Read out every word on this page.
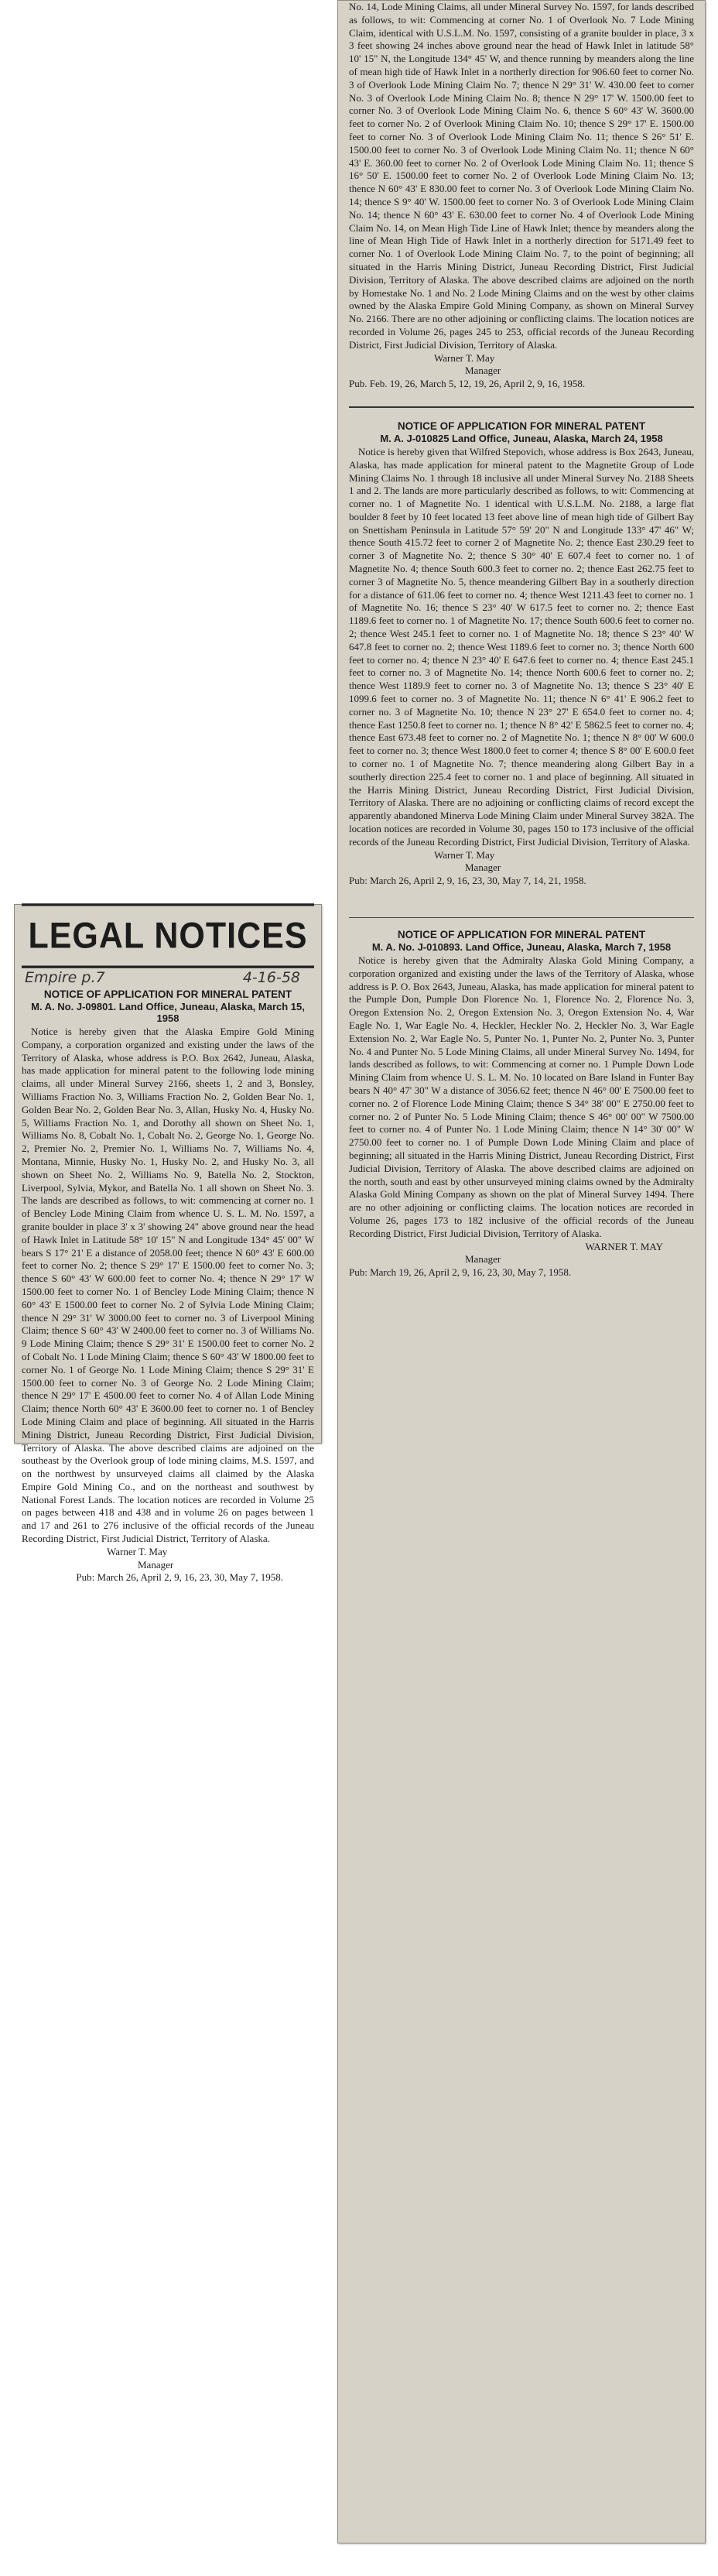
LEGAL NOTICES
Empire p.7	4-16-58
NOTICE OF APPLICATION FOR MINERAL PATENT
M. A. No. J-09801. Land Office, Juneau, Alaska, March 15, 1958

Notice is hereby given that the Alaska Empire Gold Mining Company, a corporation organized and existing under the laws of the Territory of Alaska, whose address is P.O. Box 2642, Juneau, Alaska, has made application for mineral patent to the following lode mining claims, all under Mineral Survey 2166, sheets 1, 2 and 3, Bonsley, Williams Fraction No. 3, Williams Fraction No. 2, Golden Bear No. 1, Golden Bear No. 2, Golden Bear No. 3, Allan, Husky No. 4, Husky No. 5, Williams Fraction No. 1, and Dorothy all shown on Sheet No. 1, Williams No. 8, Cobalt No. 1, Cobalt No. 2, George No. 1, George No. 2, Premier No. 2, Premier No. 1, Williams No. 7, Williams No. 4, Montana, Minnie, Husky No. 1, Husky No. 2, and Husky No. 3, all shown on Sheet No. 2, Williams No. 9, Batella No. 2, Stockton, Liverpool, Sylvia, Mykor, and Batella No. 1 all shown on Sheet No. 3. The lands are described as follows, to wit: commencing at corner no. 1 of Bencley Lode Mining Claim from whence U. S. L. M. No. 1597, a granite boulder in place 3' x 3' showing 24" above ground near the head of Hawk Inlet in Latitude 58° 10' 15" N and Longitude 134° 45' 00" W bears S 17° 21' E a distance of 2058.00 feet; thence N 60° 43' E 600.00 feet to corner No. 2; thence S 29° 17' E 1500.00 feet to corner No. 3; thence S 60° 43' W 600.00 feet to corner No. 4; thence N 29° 17' W 1500.00 feet to corner No. 1 of Bencley Lode Mining Claim; thence N 60° 43' E 1500.00 feet to corner No. 2 of Sylvia Lode Mining Claim; thence N 29° 31' W 3000.00 feet to corner no. 3 of Liverpool Mining Claim; thence S 60° 43' W 2400.00 feet to corner no. 3 of Williams No. 9 Lode Mining Claim; thence S 29° 31' E 1500.00 feet to corner No. 2 of Cobalt No. 1 Lode Mining Claim; thence S 60° 43' W 1800.00 feet to corner No. 1 of George No. 1 Lode Mining Claim; thence S 29° 31' E 1500.00 feet to corner No. 3 of George No. 2 Lode Mining Claim; thence N 29° 17' E 4500.00 feet to corner No. 4 of Allan Lode Mining Claim; thence North 60° 43' E 3600.00 feet to corner no. 1 of Bencley Lode Mining Claim and place of beginning. All situated in the Harris Mining District, Juneau Recording District, First Judicial Division, Territory of Alaska. The above described claims are adjoined on the southeast by the Overlook group of lode mining claims, M.S. 1597, and on the northwest by unsurveyed claims all claimed by the Alaska Empire Gold Mining Co., and on the northeast and southwest by National Forest Lands. The location notices are recorded in Volume 25 on pages between 418 and 438 and in volume 26 on pages between 1 and 17 and 261 to 276 inclusive of the official records of the Juneau Recording District, First Judicial District, Territory of Alaska.

Warner T. May
Manager
Pub: March 26, April 2, 9, 16, 23, 30, May 7, 1958.

No. 14, Lode Mining Claims, all under Mineral Survey No. 1597, for lands described as follows, to wit: Commencing at corner No. 1 of Overlook No. 7 Lode Mining Claim, identical with U.S.L.M. No. 1597, consisting of a granite boulder in place, 3 x 3 feet showing 24 inches above ground near the head of Hawk Inlet in latitude 58° 10' 15" N, the Longitude 134° 45' W, and thence running by meanders along the line of mean high tide of Hawk Inlet in a northerly direction for 906.60 feet to corner No. 3 of Overlook Lode Mining Claim No. 7; thence N 29° 31' W. 430.00 feet to corner No. 3 of Overlook Lode Mining Claim No. 8; thence N 29° 17' W. 1500.00 feet to corner No. 3 of Overlook Lode Mining Claim No. 6, thence S 60° 43' W. 3600.00 feet to corner No. 2 of Overlook Mining Claim No. 10; thence S 29° 17' E. 1500.00 feet to corner No. 3 of Overlook Lode Mining Claim No. 11; thence S 26° 51' E. 1500.00 feet to corner No. 3 of Overlook Lode Mining Claim No. 11; thence N 60° 43' E. 360.00 feet to corner No. 2 of Overlook Lode Mining Claim No. 11; thence S 16° 50' E. 1500.00 feet to corner No. 2 of Overlook Lode Mining Claim No. 13; thence N 60° 43' E 830.00 feet to corner No. 3 of Overlook Lode Mining Claim No. 14; thence S 9° 40' W. 1500.00 feet to corner No. 3 of Overlook Lode Mining Claim No. 14; thence N 60° 43' E. 630.00 feet to corner No. 4 of Overlook Lode Mining Claim No. 14, on Mean High Tide Line of Hawk Inlet; thence by meanders along the line of Mean High Tide of Hawk Inlet in a northerly direction for 5171.49 feet to corner No. 1 of Overlook Lode Mining Claim No. 7, to the point of beginning; all situated in the Harris Mining District, Juneau Recording District, First Judicial Division, Territory of Alaska. The above described claims are adjoined on the north by Homestake No. 1 and No. 2 Lode Mining Claims and on the west by other claims owned by the Alaska Empire Gold Mining Company, as shown on Mineral Survey No. 2166. There are no other adjoining or conflicting claims. The location notices are recorded in Volume 26, pages 245 to 253, official records of the Juneau Recording District, First Judicial Division, Territory of Alaska.

Warner T. May
Manager

Pub. Feb. 19, 26, March 5, 12, 19, 26, April 2, 9, 16, 1958.

NOTICE OF APPLICATION FOR MINERAL PATENT
M. A. J-010825 Land Office, Juneau, Alaska, March 24, 1958

Notice is hereby given that Wilfred Stepovich, whose address is Box 2643, Juneau, Alaska, has made application for mineral patent to the Magnetite Group of Lode Mining Claims No. 1 through 18 inclusive all under Mineral Survey No. 2188 Sheets 1 and 2. The lands are more particularly described as follows, to wit: Commencing at corner no. 1 of Magnetite No. 1 identical with U.S.L.M. No. 2188, a large flat boulder 8 feet by 10 feet located 13 feet above line of mean high tide of Gilbert Bay on Snettisham Peninsula in Latitude 57° 59' 20" N and Longitude 133° 47' 46" W; thence South 415.72 feet to corner 2 of Magnetite No. 2; thence East 230.29 feet to corner 3 of Magnetite No. 2; thence S 30° 40' E 607.4 feet to corner no. 1 of Magnetite No. 4; thence South 600.3 feet to corner no. 2; thence East 262.75 feet to corner 3 of Magnetite No. 5, thence meandering Gilbert Bay in a southerly direction for a distance of 611.06 feet to corner no. 4; thence West 1211.43 feet to corner no. 1 of Magnetite No. 16; thence S 23° 40' W 617.5 feet to corner no. 2; thence East 1189.6 feet to corner no. 1 of Magnetite No. 17; thence South 600.6 feet to corner no. 2; thence West 245.1 feet to corner no. 1 of Magnetite No. 18; thence S 23° 40' W 647.8 feet to corner no. 2; thence West 1189.6 feet to corner no. 3; thence North 600 feet to corner no. 4; thence N 23° 40' E 647.6 feet to corner no. 4; thence East 245.1 feet to corner no. 3 of Magnetite No. 14; thence North 600.6 feet to corner no. 2; thence West 1189.9 feet to corner no. 3 of Magnetite No. 13; thence S 23° 40' E 1099.6 feet to corner no. 3 of Magnetite No. 11; thence N 6° 41' E 906.2 feet to corner no. 3 of Magnetite No. 10; thence N 23° 27' E 654.0 feet to corner no. 4; thence East 1250.8 feet to corner no. 1; thence N 8° 42' E 5862.5 feet to corner no. 4; thence East 673.48 feet to corner no. 2 of Magnetite No. 1; thence N 8° 00' W 600.0 feet to corner no. 3; thence West 1800.0 feet to corner 4; thence S 8° 00' E 600.0 feet to corner no. 1 of Magnetite No. 7; thence meandering along Gilbert Bay in a southerly direction 225.4 feet to corner no. 1 and place of beginning. All situated in the Harris Mining District, Juneau Recording District, First Judicial Division, Territory of Alaska. There are no adjoining or conflicting claims of record except the apparently abandoned Minerva Lode Mining Claim under Mineral Survey 382A. The location notices are recorded in Volume 30, pages 150 to 173 inclusive of the official records of the Juneau Recording District, First Judicial Division, Territory of Alaska.

Warner T. May
Manager

Pub: March 26, April 2, 9, 16, 23, 30, May 7, 14, 21, 1958.

NOTICE OF APPLICATION FOR MINERAL PATENT
M. A. No. J-010893. Land Office, Juneau, Alaska, March 7, 1958

Notice is hereby given that the Admiralty Alaska Gold Mining Company, a corporation organized and existing under the laws of the Territory of Alaska, whose address is P. O. Box 2643, Juneau, Alaska, has made application for mineral patent to the Pumple Don, Pumple Don Florence No. 1, Florence No. 2, Florence No. 3, Oregon Extension No. 2, Oregon Extension No. 3, Oregon Extension No. 4, War Eagle No. 1, War Eagle No. 4, Heckler, Heckler No. 2, Heckler No. 3, War Eagle Extension No. 2, War Eagle No. 5, Punter No. 1, Punter No. 2, Punter No. 3, Punter No. 4 and Punter No. 5 Lode Mining Claims, all under Mineral Survey No. 1494, for lands described as follows, to wit: Commencing at corner no. 1 Pumple Down Lode Mining Claim from whence U. S. L. M. No. 10 located on Bare Island in Funter Bay bears N 40° 47' 30" W a distance of 3056.62 feet; thence N 46° 00' E 7500.00 feet to corner no. 2 of Florence Lode Mining Claim; thence S 34° 38' 00" E 2750.00 feet to corner no. 2 of Punter No. 5 Lode Mining Claim; thence S 46° 00' 00" W 7500.00 feet to corner no. 4 of Punter No. 1 Lode Mining Claim; thence N 14° 30' 00" W 2750.00 feet to corner no. 1 of Pumple Down Lode Mining Claim and place of beginning; all situated in the Harris Mining District, Juneau Recording District, First Judicial Division, Territory of Alaska. The above described claims are adjoined on the north, south and east by other unsurveyed mining claims owned by the Admiralty Alaska Gold Mining Company as shown on the plat of Mineral Survey 1494. There are no other adjoining or conflicting claims. The location notices are recorded in Volume 26, pages 173 to 182 inclusive of the official records of the Juneau Recording District, First Judicial Division, Territory of Alaska.

WARNER T. MAY
Manager

Pub: March 19, 26, April 2, 9, 16, 23, 30, May 7, 1958.
